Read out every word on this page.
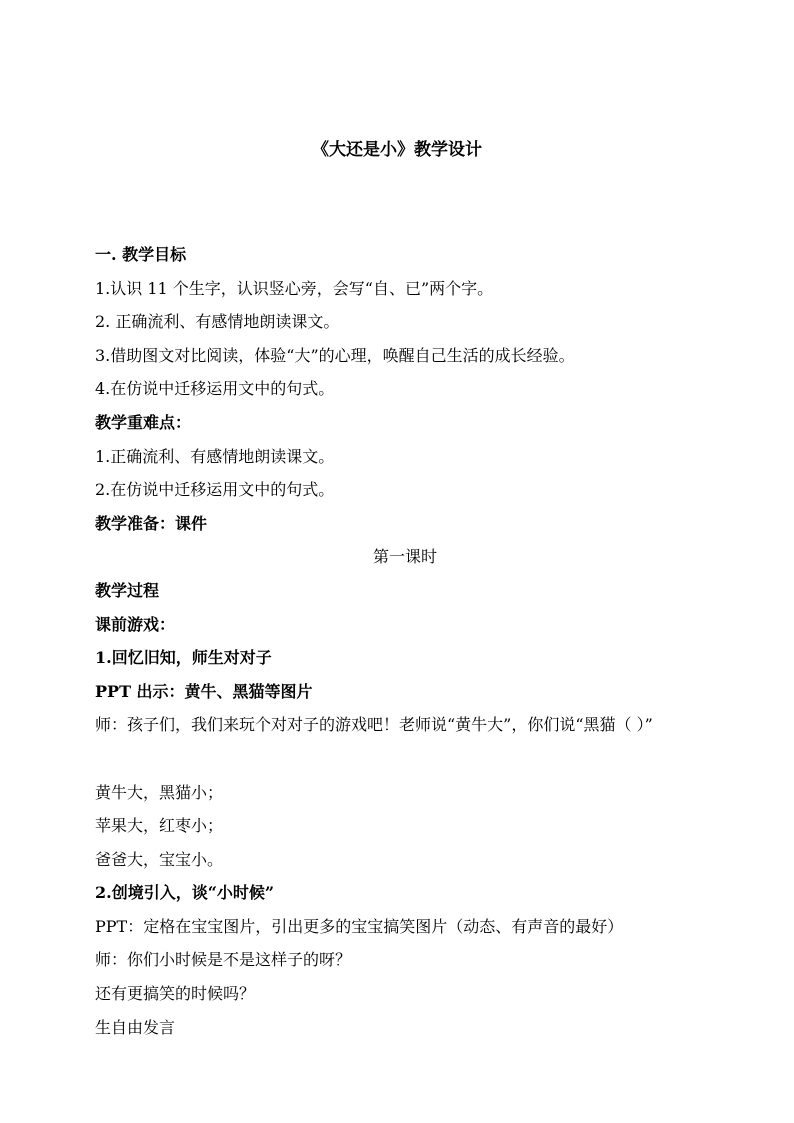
《大还是小》教学设计
一. 教学目标
1.认识 11 个生字，认识竖心旁，会写“自、已”两个字。
2. 正确流利、有感情地朗读课文。
3.借助图文对比阅读，体验“大”的心理，唤醒自己生活的成长经验。
4.在仿说中迁移运用文中的句式。
教学重难点：
1.正确流利、有感情地朗读课文。
2.在仿说中迁移运用文中的句式。
教学准备：课件
第一课时
教学过程
课前游戏：
1.回忆旧知，师生对对子
PPT 出示：黄牛、黑猫等图片
师：孩子们，我们来玩个对对子的游戏吧！老师说“黄牛大”，你们说“黑猫（ ）”
黄牛大，黑猫小；
苹果大，红枣小；
爸爸大，宝宝小。
2.创境引入，谈“小时候”
PPT：定格在宝宝图片，引出更多的宝宝搞笑图片（动态、有声音的最好）
师：你们小时候是不是这样子的呀？
还有更搞笑的时候吗？
生自由发言
